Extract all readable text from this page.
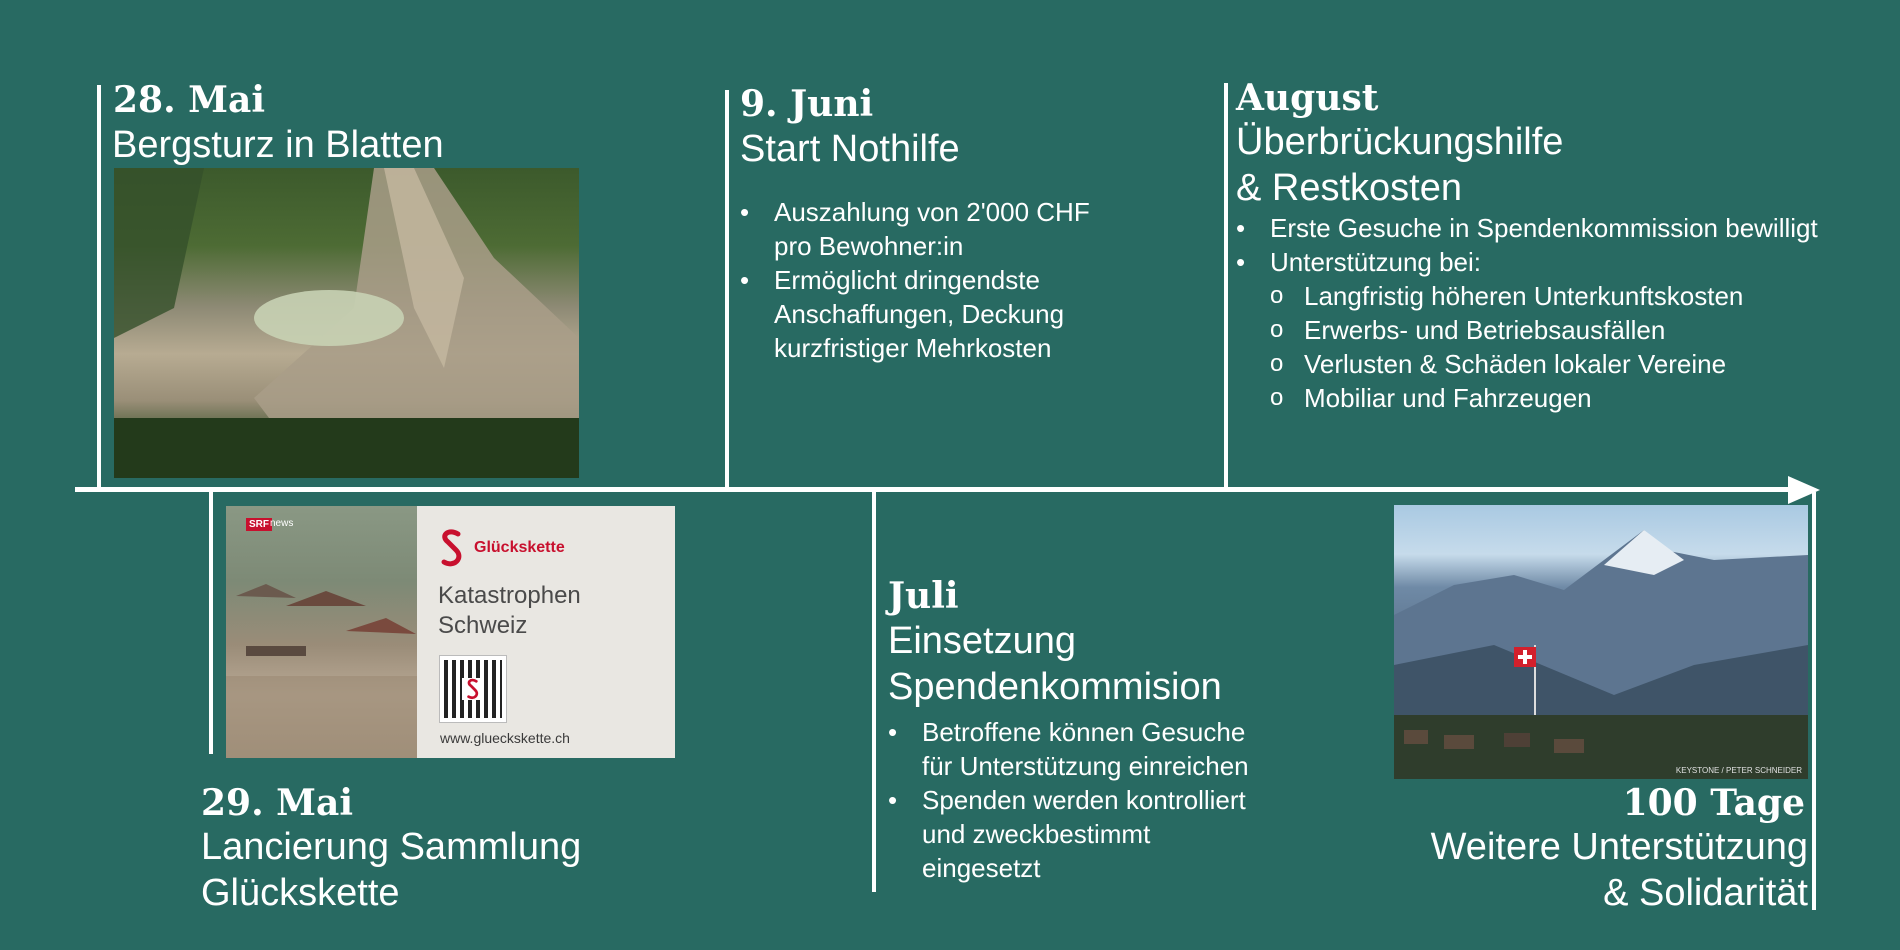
28. Mai
Bergsturz in Blatten
SRF news
Glückskette
Katastrophen
Schweiz
www.glueckskette.ch
29. Mai
Lancierung Sammlung
Glückskette
9. Juni
Start Nothilfe
• Auszahlung von 2'000 CHF
pro Bewohner:in
• Ermöglicht dringendste
Anschaffungen, Deckung
kurzfristiger Mehrkosten
Juli
Einsetzung
Spendenkommision
• Betroffene können Gesuche
für Unterstützung einreichen
• Spenden werden kontrolliert
und zweckbestimmt
eingesetzt
August
Überbrückungshilfe
& Restkosten
• Erste Gesuche in Spendenkommission bewilligt
• Unterstützung bei:
o Langfristig höheren Unterkunftskosten
o Erwerbs- und Betriebsausfällen
o Verlusten & Schäden lokaler Vereine
o Mobiliar und Fahrzeugen
KEYSTONE / PETER SCHNEIDER
100 Tage
Weitere Unterstützung
& Solidarität
